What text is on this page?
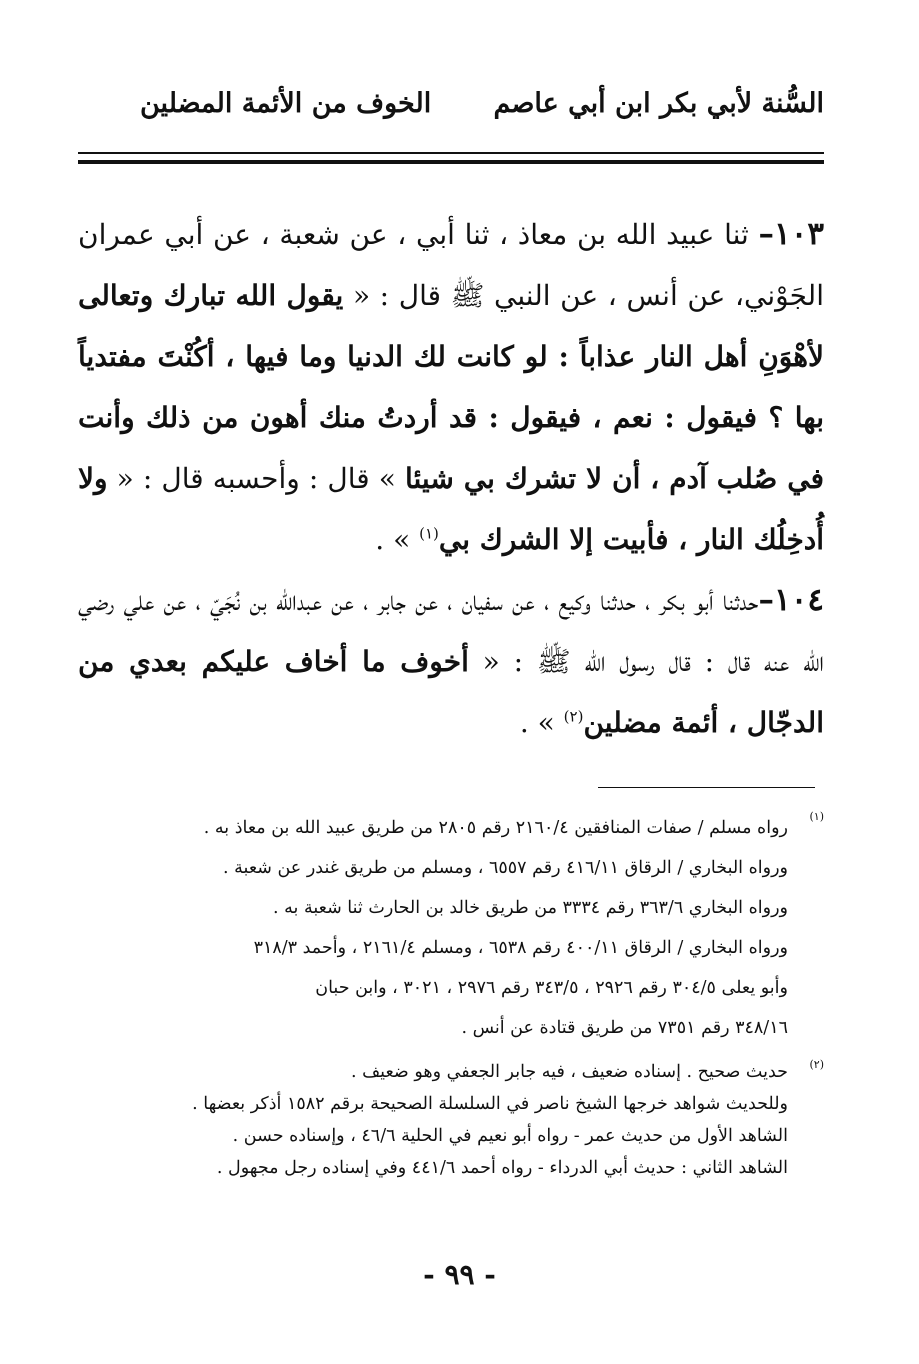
السُّنة لأبي بكر ابن أبي عاصم
الخوف من الأئمة المضلين

١٠٣– ثنا عبيد الله بن معاذ ، ثنا أبي ، عن شعبة ، عن أبي عمران الجَوْني، عن أنس ، عن النبي ﷺ قال : « يقول الله تبارك وتعالى لأهْوَنِ أهل النار عذاباً : لو كانت لك الدنيا وما فيها ، أكُنْتَ مفتدياً بها ؟ فيقول : نعم ، فيقول : قد أردتُ منك أهون من ذلك وأنت في صُلب آدم ، أن لا تشرك بي شيئا » قال : وأحسبه قال : « ولا أُدخِلُك النار ، فأبيت إلا الشرك بي$^{(١)}$ » .

١٠٤–حدثنا أبو بكر ، حدثنا وكيع ، عن سفيان ، عن جابر ، عن عبدالله بن نُجَيّ ، عن علي رضي الله عنه قال : قال رسول الله ﷺ : « أخوف ما أخاف عليكم بعدي من الدجّال ، أئمة مضلين$^{(٢)}$ » .

(١)

رواه مسلم / صفات المنافقين ٢١٦٠/٤ رقم ٢٨٠٥ من طريق عبيد الله بن معاذ به .

ورواه البخاري / الرقاق ٤١٦/١١ رقم ٦٥٥٧ ، ومسلم من طريق غندر عن شعبة .

ورواه البخاري ٣٦٣/٦ رقم ٣٣٣٤ من طريق خالد بن الحارث ثنا شعبة به .

ورواه البخاري / الرقاق ٤٠٠/١١ رقم ٦٥٣٨ ، ومسلم ٢١٦١/٤ ، وأحمد ٣١٨/٣

وأبو يعلى ٣٠٤/٥ رقم ٢٩٢٦ ، ٣٤٣/٥ رقم ٢٩٧٦ ، ٣٠٢١ ، وابن حبان

٣٤٨/١٦ رقم ٧٣٥١ من طريق قتادة عن أنس .

(٢)

حديث صحيح . إسناده ضعيف ، فيه جابر الجعفي وهو ضعيف .

وللحديث شواهد خرجها الشيخ ناصر في السلسلة الصحيحة برقم ١٥٨٢ أذكر بعضها .

الشاهد الأول من حديث عمر - رواه أبو نعيم في الحلية ٤٦/٦ ، وإسناده حسن .

الشاهد الثاني : حديث أبي الدرداء - رواه أحمد ٤٤١/٦ وفي إسناده رجل مجهول .

- ٩٩ -
